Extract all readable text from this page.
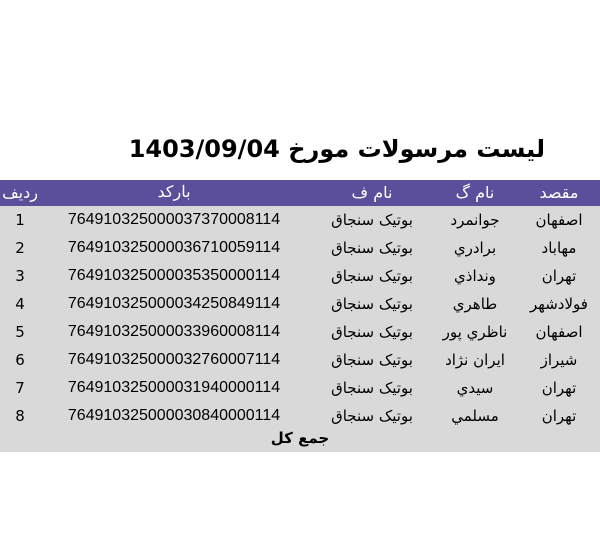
لیست مرسولات مورخ 1403/09/04
ردیف	بارکد	نام ف	نام گ	مقصد
1	7649103250000373700081​14	بوتیک سنجاق	جوانمرد	اصفهان
2	764910325000036710059114	بوتیک سنجاق	برادري	مهاباد
3	764910325000035350000114	بوتیک سنجاق	ونداذي	تهران
4	764910325000034250849114	بوتیک سنجاق	طاهري	فولادشهر
5	764910325000033960008114	بوتیک سنجاق	ناظري پور	اصفهان
6	764910325000032760007114	بوتیک سنجاق	ايران نژاد	شيراز
7	764910325000031940000114	بوتیک سنجاق	سيدي	تهران
8	764910325000030840000114	بوتیک سنجاق	مسلمي	تهران
جمع کل
